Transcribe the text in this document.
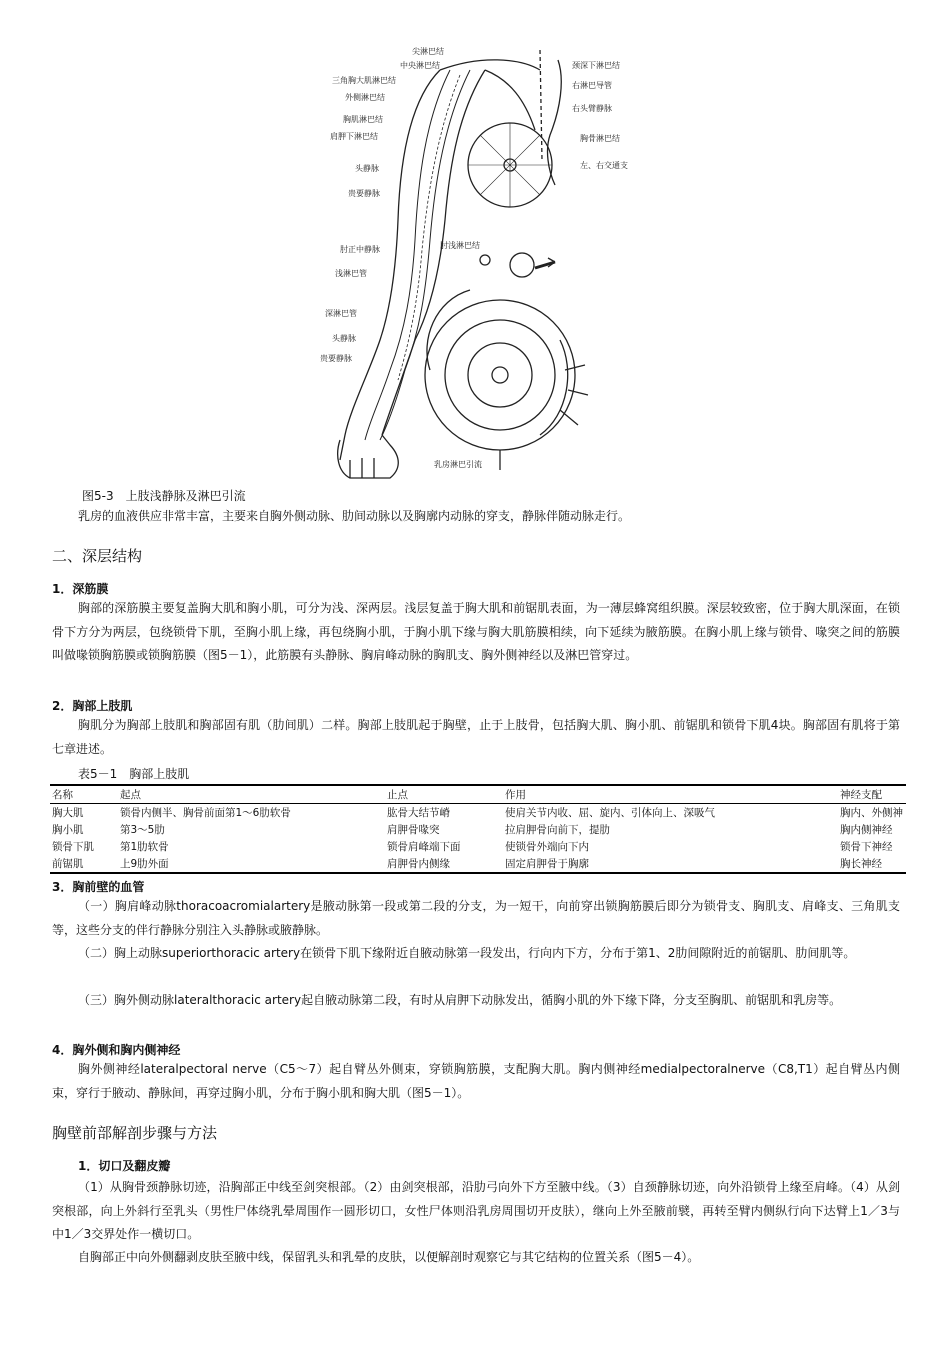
尖淋巴结
中央淋巴结
三角胸大肌淋巴结
外侧淋巴结
胸肌淋巴结
肩胛下淋巴结
头静脉
贵要静脉
肘正中静脉
浅淋巴管
深淋巴管
头静脉
贵要静脉
颈深下淋巴结
右淋巴导管
右头臂静脉
胸骨淋巴结
左、右交通支
肘浅淋巴结
乳房淋巴引流
图5-3　上肢浅静脉及淋巴引流

乳房的血液供应非常丰富，主要来自胸外侧动脉、肋间动脉以及胸廓内动脉的穿支，静脉伴随动脉走行。

二、深层结构
1．深筋膜

胸部的深筋膜主要复盖胸大肌和胸小肌，可分为浅、深两层。浅层复盖于胸大肌和前锯肌表面，为一薄层蜂窝组织膜。深层较致密，位于胸大肌深面，在锁骨下方分为两层，包绕锁骨下肌，至胸小肌上缘，再包绕胸小肌，于胸小肌下缘与胸大肌筋膜相续，向下延续为腋筋膜。在胸小肌上缘与锁骨、喙突之间的筋膜叫做喙锁胸筋膜或锁胸筋膜（图5－1），此筋膜有头静脉、胸肩峰动脉的胸肌支、胸外侧神经以及淋巴管穿过。

2．胸部上肢肌

胸肌分为胸部上肢肌和胸部固有肌（肋间肌）二样。胸部上肢肌起于胸壁，止于上肢骨，包括胸大肌、胸小肌、前锯肌和锁骨下肌4块。胸部固有肌将于第七章进述。

表5－1　胸部上肢肌
名称	起点	止点	作用	神经支配
胸大肌	锁骨内侧半、胸骨前面第1～6肋软骨	肱骨大结节嵴	使肩关节内收、屈、旋内、引体向上、深吸气	胸内、外侧神
胸小肌	第3～5肋	肩胛骨喙突	拉肩胛骨向前下，提肋	胸内侧神经
锁骨下肌	第1肋软骨	锁骨肩峰端下面	使锁骨外端向下内	锁骨下神经
前锯肌	上9肋外面	肩胛骨内侧缘	固定肩胛骨于胸廓	胸长神经
3．胸前壁的血管

（一）胸肩峰动脉thoracoacromialartery是腋动脉第一段或第二段的分支，为一短干，向前穿出锁胸筋膜后即分为锁骨支、胸肌支、肩峰支、三角肌支等，这些分支的伴行静脉分别注入头静脉或腋静脉。

（二）胸上动脉superiorthoracic artery在锁骨下肌下缘附近自腋动脉第一段发出，行向内下方，分布于第1、2肋间隙附近的前锯肌、肋间肌等。

（三）胸外侧动脉lateralthoracic artery起自腋动脉第二段，有时从肩胛下动脉发出，循胸小肌的外下缘下降，分支至胸肌、前锯肌和乳房等。

4．胸外侧和胸内侧神经

胸外侧神经lateralpectoral nerve（C5～7）起自臂丛外侧束，穿锁胸筋膜，支配胸大肌。胸内侧神经medialpectoralnerve（C8,T1）起自臂丛内侧束，穿行于腋动、静脉间，再穿过胸小肌，分布于胸小肌和胸大肌（图5－1）。

胸壁前部解剖步骤与方法
1．切口及翻皮瓣

（1）从胸骨颈静脉切迹，沿胸部正中线至剑突根部。（2）由剑突根部，沿肋弓向外下方至腋中线。（3）自颈静脉切迹，向外沿锁骨上缘至肩峰。（4）从剑突根部，向上外斜行至乳头（男性尸体绕乳晕周围作一圆形切口，女性尸体则沿乳房周围切开皮肤），继向上外至腋前襞，再转至臂内侧纵行向下达臂上1／3与中1／3交界处作一横切口。

自胸部正中向外侧翻剥皮肤至腋中线，保留乳头和乳晕的皮肤，以便解剖时观察它与其它结构的位置关系（图5－4）。
